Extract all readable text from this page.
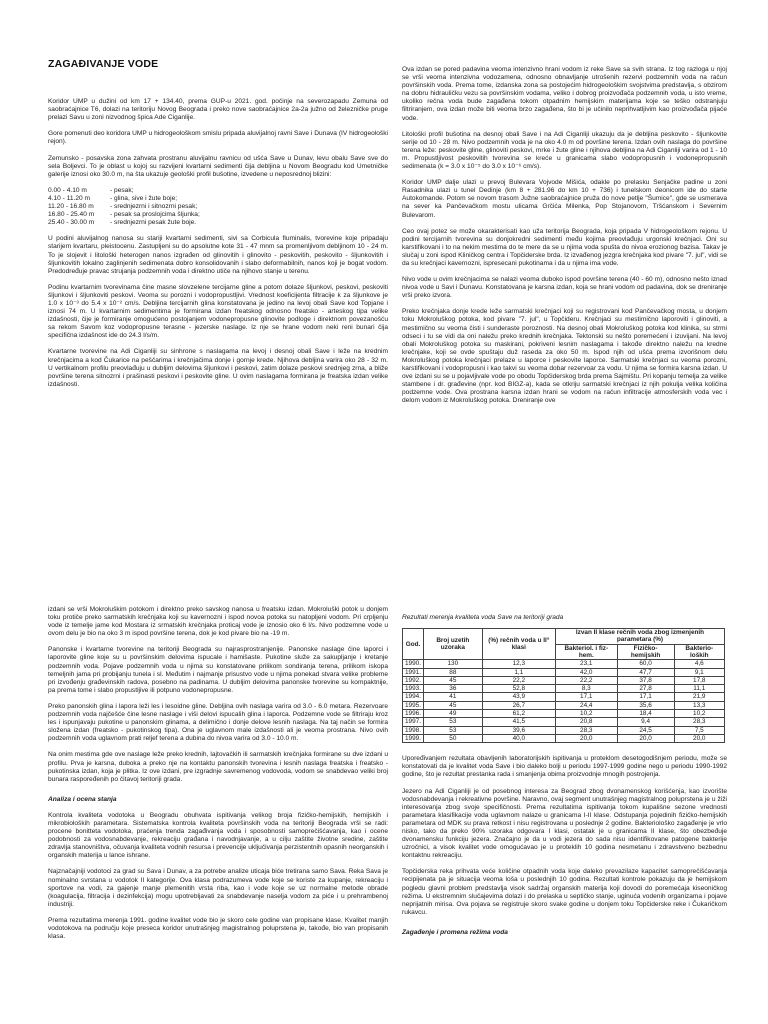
ZAGAĐIVANJE VODE

Koridor UMP u dužini od km 17 + 134.40, prema GUP-u 2021. god. počinje na severozapadu Zemuna od saobraćajnice T6, dolazi na teritoriju Novog Beograda i preko nove saobraćajnice 2a-2a južno od železničke pruge prelazi Savu u zoni nizvodnog špica Ade Ciganlije.

Gore pomenuti deo koridora UMP u hidrogeološkom smislu pripada aluvijalnoj ravni Save i Dunava (IV hidrogeološki rejon).

Zemunsko - posavska zona zahvata prostranu aluvijalnu ravnicu od ušća Save u Dunav, levu obalu Save sve do sela Boljevci. To je oblast u kojoj su razvijeni kvartarni sedimenti čija debljina u Novom Beogradu kod Umetničke galerije iznosi oko 30.0 m, na šta ukazuje geološki profil bušotine, izvedene u neposrednoj blizini:

0.00 - 4.10 m	- pesak;
4.10 - 11.20 m	- glina, sive i žute boje;
11.20 - 16.80 m	- srednjezrni i sitnozrni pesak;
16.80 - 25.40 m	- pesak sa proslojcima šljunka;
25.40 - 30.00 m	- srednjezrni pesak žute boje.

U podini aluvijalnog nanosa su stariji kvartarni sedimenti, sivi sa Corbicula fluminalis, tvorevine koje pripadaju starijem kvartaru, pleistocenu. Zastupljeni su do apsolutne kote 31 - 47 mnm sa promenljivom debljinom 10 - 24 m. To je slojevit i litološki heterogen nanos izgrađen od glinovitih i glinovito - peskovitih, peskovito - šljunkovitih i šljunkovitih lokalno zaglinjenih sedimenata dobro konsolidovanih i slabo deformabilnih, nanos koji je bogat vodom. Predodređuje pravac strujanja podzemnih voda i direktno utiče na njihovo stanje u terenu.

Podinu kvartarnim tvorevinama čine masne slovzelene tercijarne gline a potom dolaze šljunkovi, peskovi, peskoviti šljunkovi i šljunkoviti peskovi. Veoma su porozni i vodopropustljivi. Vrednost koeficijenta filtracije k za šljunkove je 1.0 x 10⁻³ do 5.4 x 10⁻² cm/s. Debljina tercijarnih glina konstatovana je jedino na levoj obali Save kod Topjane i iznosi 74 m. U kvartarnim sedimentima je formirana izdan freatskog odnosno freatsko - arteskog tipa velike izdašnosti, čije je formiranje omogućeno postojanjem vodonepropusne glinovite podloge i direktnom povezanošću sa rekom Savom koz vodopropusne terasne - jezerske naslage. Iz nje se hrane vodom neki reni bunari čija specifična izdašnost ide do 24.3 l/s/m.

Kvartarne tvorevine na Adi Ciganliji su sinhrone s naslagama na levoj i desnoj obali Save i leže na krednim krečnjacima a kod Čukarice na peščarima i krečnjačima donje i gornje krede. Njihova debljina varira oko 28 - 32 m. U vertikalnom profilu preovlađuju u dubljim delovima šljunkovi i peskovi, zatim dolaze peskovi srednjeg zrna, a bliže površine terena sitnozrni i prašinasti peskovi i peskovite gline. U ovim naslagama formirana je freatska izdan velike izdašnosti.

Ova izdan se pored padavina veoma intenzivno hrani vodom iz reke Save sa svih strana. Iz tog razloga u njoj se vrši veoma intenzivna vodozamena, odnosno obnavljanje utrošenih rezervi podzemnih voda na račun površinskih voda. Prema tome, izdanska zona sa postojećim hidrogeološkim svojstvima predstavlja, s obzirom na dobru hidrauličku vezu sa površinskim vodama, veliko i dobrog proizvođača podzemnih voda, u isto vreme, ukoliko rečna voda bude zagađena tokom otpadnim hemijskim materijama koje se teško odstranjuju filtriranjem, ova izdan može biti veoma brzo zagađena, što bi je učinilo neprihvatljivim kao proizvođača pijaće vode.

Litološki profil bušotina na desnoj obali Save i na Adi Ciganliji ukazuju da je debljina peskovito - šljunkovite serije od 10 - 28 m. Nivo podzemnih voda je na oko 4.0 m od površine terena. Izdan ovih naslaga do površine terena leže: peskovite gline, glinoviti peskovi, mrke i žute gline i njihova debljina na Adi Ciganliji varira od 1 - 10 m. Propustljivost peskovitih tvorevina se kreće u granicama slabo vodopropusnih i vodonepropusnih sedimenata (k = 3.0 x 10⁻⁵ do 3.0 x 10⁻⁶ cm/s).

Koridor UMP dalje ulazi u prevoj Bulevara Vojvode Mišića, odakle po prelasku Senjačke padine u zoni Rasadnika ulazi u tunel Dedinje (km 8 + 281.96 do km 10 + 736) i tunelskom deonicom ide do starte Autokomande. Potom se novom trasom Južne saobraćajnice pruža do nove petlje "Šumice", gde se usmerava na sever ka Pančevačkom mostu ulicama Grčića Milenka, Pop Stojanovom, Tršćanskom i Severnim Bulevarom.

Ceo ovaj potez se može okarakterisati kao uža teritorija Beograda, koja pripada V hidrogeološkom rejonu. U podini tercijarnih tvorevina su donjokredni sedimenti među kojima preovlađuju urgonski krečnjaci. Oni su karstifikovani i to na nekim mestima do te mere da se u njima voda spušta do nivoa erozionog bazisa. Takav je slučaj u zoni ispod Kliničkog centra i Topčiderske brda. Iz izvađenog jezgra krečnjaka kod pivare "7. jul", vidi se da su krečnjaci kavernozni, ispresecani pukotinama i da u njima ima vode.

Nivo vode u ovim krečnjacima se nalazi veoma duboko ispod površine terena (40 - 60 m), odnosno nešto iznad nivoa vode u Savi i Dunavu. Konstatovana je karsna izdan, koja se hrani vodom od padavina, dok se dreniranje vrši preko izvora.

Preko krečnjaka donje krede leže sarmatski krečnjaci koji su registrovani kod Pančevačkog mosta, u donjem toku Mokroluškog potoka, kod pivare "7. jul", u Topčideru. Krečnjaci su mestimično laporoviti i glinoviti, a mestimično su veoma čisti i sunderaste poroznosti. Na desnoj obali Mokroluškog potoka kod klinika, su strmi odseci i tu se vidi da oni naležu preko krednih krečnjaka. Tektonski su nešto poremećeni i izuvijani. Na levoj obali Mokroluškog potoka su maskirani, pokriveni lesnim naslagama i takođe direktno naležu na kredne krečnjake, koji se ovde spuštaju duž raseda za oko 50 m. Ispod njih od ušća prema izvorišnom delu Mokroluškog potoka krečnjaci prelaze u laporce i peskovite laporce. Sarmatski krečnjaci su veoma porozni, karstifikovani i vodopropusni i kao takvi su veoma dobar rezervoar za vodu. U njima se formira karsna izdan. U ove izdani su se u pojavljivale vode po obodu Topčiderskog brda prema Sajmištu. Pri kopanju temelja za velike stambene i dr. građevine (npr. kod BIGZ-a), kada se otkriju sarmatski krečnjaci iz njih pokulja velika količina podzemne vode. Ova prostrana karsna izdan hrani se vodom na račun infiltracije atmosferskih voda vec i delom vodom iz Mokroluškog potoka. Dreniranje ove

izdani se vrši Mokroluškim potokom i direktno preko savskog nanosa u freatsku izdan. Mokroluški potok u donjem toku protiče preko sarmatskih krečnjaka koji su kavernozni i ispod novoa potoka su natopljeni vodom. Pri crpljenju vode iz temelje jame kod Mostara iz srmatskih krečnjaka proticaj vode je iznosio oko 6 l/s. Nivo podzemne vode u ovom delu je bio na oko 3 m ispod površine terena, dok je kod pivare bio na -19 m.

Panonske i kvartarne tvorevine na teritoriji Beograda su najrasprostranjenije. Panonske naslage čine laporci i laporovite gline koje su u površinskim delovima ispucale i hamišaste. Pukotine služe za sakupljanje i kretanje podzemnih voda. Pojave podzemnih voda u njima su konstatovane prilikom sondiranja terena, prilikom iskopa temeljnih jama pri probijanju tunela i sl. Međutim i najmanje prisustvo vode u njima ponekad stvara velike probleme pri izvođenju građevinskih radova, posebno na padinama. U dubljim delovima panonske tvorevine su kompaktnije, pa prema tome i slabo propustljive ili potpuno vodonepropusne.

Preko panonskih glina i lapora leži les i lesoidne gline. Debljina ovih naslaga varira od 3.0 - 6.0 metara. Rezervoare podzemnih voda najčešće čine lesne naslage i viši delovi ispucalih glina i laporca. Podzemne vode se filtriraju kroz les i ispunjavaju pukotine u panonskim glinama, a delimično i donje delove lesnih naslaga. Na taj način se formira složena izdan (freatsko - pukotinskog tipa). Ona je uglavnom male izdašnosti ali je veoma prostrana. Nivo ovih podzemnih voda uglavnom prati reljef terena a dubina do nivoa varira od 3.0 - 10.0 m.

Na onim mestima gde ove naslage leže preko krednih, lajtovačkih ili sarmatskih krečnjaka formirane su dve izdani u profilu. Prva je karsna, duboka a preko nje na kontaktu panonskih tvorevina i lesnih naslaga freatska i freatsko - pukotinska izdan, koja je plitka. Iz ove izdani, pre izgradnje savremenog vodovoda, vodom se snabdevao veliki broj bunara raspoređenih po čitavoj teritoriji grada.

Analiza i ocena stanja

Kontrola kvaliteta vodotoka u Beogradu obuhvata ispitivanja velikog broja fizičko-hemijskih, hemijskih i mikrobioloških parametara. Sistematska kontrola kvaliteta površinskih voda na teritoriji Beograda vrši se radi: procene bonitteta vodotoka, praćenja trenda zagađivanja voda i sposobnosti samoprečišćavanja, kao i ocene podobnosti za vodosnabdevanje, rekreaciju građana i navodnjavanje, a u cilju zaštite životne sredine, zaštite zdravlja stanovništva, očuvanja kvaliteta vodnih resursa i prevenciје uključivanja perzistentnih opasnih neorganskih i organskih materija u lance ishrane.

Najznačajniji vodotoci za grad su Sava i Dunav, a za potrebe analize uticaja biće tretirana samo Sava. Reka Sava je nominalno svrstana u vodotok II kategorije. Ova klasa podrazumeva vode koje se koriste za kupanje, rekreaciju i sportove na vodi, za gajenje manje plemenitih vrsta riba, kao i vode koje se uz normalne metode obrade (koagulacija, filtracija i dezinfekcija) mogu upotrebljavati za snabdevanje naselja vodom za piće i u prehrambenoj industriji.

Prema rezultatima merenja 1991. godine kvalitet vode bio je skoro cele godine van propisane klase. Kvalitet manjih vodotokova na području koje preseca koridor unutrašnjeg magistralnog poluprstena je, takođe, bio van propisanih klasa.

Rezultati merenja kvaliteta voda Save na teritoriji grada
God.	Broj uzetih uzoraka	(%) rečnih voda u II° klasi	Izvan II klase rečnih voda zbog izmenjenih parametara (%)		
			Bakteriol. i fiz-hem.	Fizičko-hemijskih	Bakterio-loških
1990.	130	12,3	23,1	60,0	4,6
1991.	88	1,1	42,0	47,7	9,1
1992.	45	22,2	22,2	37,8	17,8
1993.	36	52,8	8,3	27,8	11,1
1994.	41	43,9	17,1	17,1	21,9
1995.	45	26,7	24,4	35,6	13,3
1996.	49	61,2	10,2	18,4	10,2
1997.	53	41,5	20,8	9,4	28,3
1998.	53	39,6	28,3	24,5	7,5
1999.	50	40,0	20,0	20,0	20,0

Upoređivanjem rezultata obavljenih laboratorijskih ispitivanja u proteklom desetogodišnjem periodu, može se konstatovati da je kvalitet voda Save i bio daleko bolji u periodu 1997-1999 godine nego u periodu 1990-1992 godine, što je rezultat prestanka rada i smanjenja obima proizvodnje mnogih postrojenja.

Jezero na Adi Ciganliji je od posebnog interesa za Beograd zbog dvonamenskog korišćenja, kao izvorište vodosnabdevanja i rekreativne površine. Naravno, ovaj segment unutrašnjeg magistralnog poluprstena je u žiži interesovanja zbog svoje specifičnosti. Prema rezultatima ispitivanja tokom kupališne sezone vrednosti parametara klasifikacije voda uglavnom nalaze u granicama I-II klase. Odstupanja pojedinih fizičko-hemijskih parametara od MDK su prava retkost i nisu registrovana u poslednje 2 godine. Bakteriološko zagađenje je vrlo nisko, tako da preko 90% uzoraka odgovara I klasi, ostatak je u granicama II klase, što obezbeđuje dvonamensku funkciju jezera. Značajno je da u vodi jezera do sada nisu identifikovane patogene bakterije uzročnici, a visok kvalitet vode omogućavao je u proteklih 10 godina nesmetanu i zdravstveno bezbednu kontaktnu rekreaciju.

Topčiderska reka prihvata veće količine otpadnih voda koje daleko prevazilaze kapacitet samoprečišćavanja recipijenata pa je situacija veoma loša u poslednjih 10 godina. Rezultati kontrole pokazuju da je hemijskom pogledu glavni problem predstavlja visok sadržaj organskih materija koji dovodi do poremećaja kiseoničkog režima. U ekstremnim slučajevima dolazi i do prelaska u septičko stanje, uginuća vodenih organizama i pojave neprijatnih mirisa. Ova pojava se registruje skoro svake godine u donjem toku Topčiderske reke i Čukaričkom rukavcu.

Zagađenje i promena režima voda
